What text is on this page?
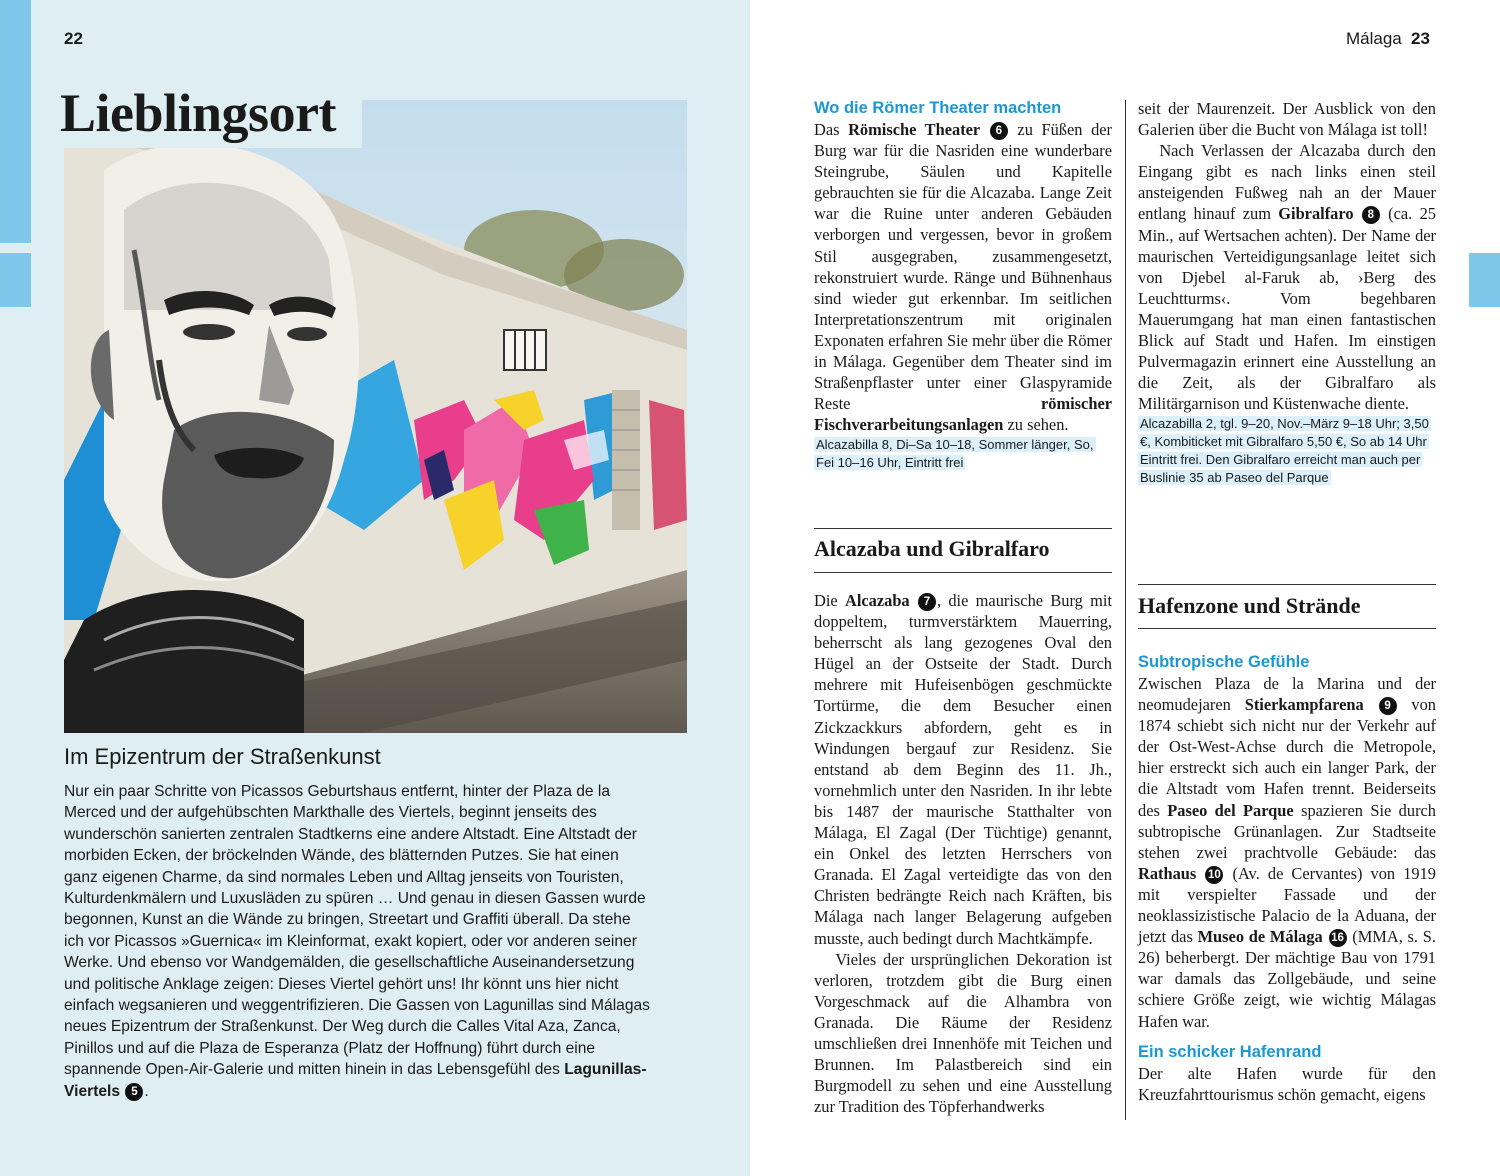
22
Lieblingsort
Im Epizentrum der Straßenkunst
Nur ein paar Schritte von Picassos Geburtshaus entfernt, hinter der Plaza de la Merced und der aufgehübschten Markthalle des Viertels, beginnt jenseits des wunderschön sanierten zentralen Stadtkerns eine andere Altstadt. Eine Altstadt der morbiden Ecken, der bröckelnden Wände, des blätternden Putzes. Sie hat einen ganz eigenen Charme, da sind normales Leben und Alltag jenseits von Touristen, Kulturdenkmälern und Luxusläden zu spüren … Und genau in diesen Gassen wurde begonnen, Kunst an die Wände zu bringen, Streetart und Graffiti überall. Da stehe ich vor Picassos »Guernica« im Kleinformat, exakt kopiert, oder vor anderen seiner Werke. Und ebenso vor Wandgemälden, die gesellschaftliche Auseinandersetzung und politische Anklage zeigen: Dieses Viertel gehört uns! Ihr könnt uns hier nicht einfach wegsanieren und weggentrifizieren. Die Gassen von Lagunillas sind Málagas neues Epizentrum der Straßenkunst. Der Weg durch die Calles Vital Aza, Zanca, Pinillos und auf die Plaza de Esperanza (Platz der Hoffnung) führt durch eine spannende Open-Air-Galerie und mitten hinein in das Lebensgefühl des Lagunillas-Viertels 5 .
Málaga 23

Wo die Römer Theater machten

Das Römische Theater 6 zu Füßen der Burg war für die Nasriden eine wunderbare Steingrube, Säulen und Kapitelle gebrauchten sie für die Alcazaba. Lange Zeit war die Ruine unter anderen Gebäuden verborgen und vergessen, bevor in großem Stil ausgegraben, zusammengesetzt, rekonstruiert wurde. Ränge und Bühnenhaus sind wieder gut erkennbar. Im seitlichen Interpretationszentrum mit originalen Exponaten erfahren Sie mehr über die Römer in Málaga. Gegenüber dem Theater sind im Straßenpflaster unter einer Glaspyramide Reste römischer Fischverarbeitungsanlagen zu sehen.

Alcazabilla 8, Di–Sa 10–18, Sommer länger, So, Fei 10–16 Uhr, Eintritt frei

Alcazaba und Gibralfaro

Die Alcazaba 7 , die maurische Burg mit doppeltem, turmverstärktem Mauerring, beherrscht als lang gezogenes Oval den Hügel an der Ostseite der Stadt. Durch mehrere mit Hufeisenbögen geschmückte Tortürme, die dem Besucher einen Zickzackkurs abfordern, geht es in Windungen bergauf zur Residenz. Sie entstand ab dem Beginn des 11. Jh., vornehmlich unter den Nasriden. In ihr lebte bis 1487 der maurische Statthalter von Málaga, El Zagal (Der Tüchtige) genannt, ein Onkel des letzten Herrschers von Granada. El Zagal verteidigte das von den Christen bedrängte Reich nach Kräften, bis Málaga nach langer Belagerung aufgeben musste, auch bedingt durch Machtkämpfe.

Vieles der ursprünglichen Dekoration ist verloren, trotzdem gibt die Burg einen Vorgeschmack auf die Alhambra von Granada. Die Räume der Residenz umschließen drei Innenhöfe mit Teichen und Brunnen. Im Palastbereich sind ein Burgmodell zu sehen und eine Ausstellung zur Tradition des Töpferhandwerks

seit der Maurenzeit. Der Ausblick von den Galerien über die Bucht von Málaga ist toll!

Nach Verlassen der Alcazaba durch den Eingang gibt es nach links einen steil ansteigenden Fußweg nah an der Mauer entlang hinauf zum Gibralfaro 8 (ca. 25 Min., auf Wertsachen achten). Der Name der maurischen Verteidigungsanlage leitet sich von Djebel al-Faruk ab, ›Berg des Leuchtturms‹. Vom begehbaren Mauerumgang hat man einen fantastischen Blick auf Stadt und Hafen. Im einstigen Pulvermagazin erinnert eine Ausstellung an die Zeit, als der Gibralfaro als Militärgarnison und Küstenwache diente.

Alcazabilla 2, tgl. 9–20, Nov.–März 9–18 Uhr; 3,50 €, Kombiticket mit Gibralfaro 5,50 €, So ab 14 Uhr Eintritt frei. Den Gibralfaro erreicht man auch per Buslinie 35 ab Paseo del Parque

Hafenzone und Strände

Subtropische Gefühle

Zwischen Plaza de la Marina und der neomudejaren Stierkampfarena 9 von 1874 schiebt sich nicht nur der Verkehr auf der Ost-West-Achse durch die Metropole, hier erstreckt sich auch ein langer Park, der die Altstadt vom Hafen trennt. Beiderseits des Paseo del Parque spazieren Sie durch subtropische Grünanlagen. Zur Stadtseite stehen zwei prachtvolle Gebäude: das Rathaus 10 (Av. de Cervantes) von 1919 mit verspielter Fassade und der neoklassizistische Palacio de la Aduana, der jetzt das Museo de Málaga 16 (MMA, s. S. 26) beherbergt. Der mächtige Bau von 1791 war damals das Zollgebäude, und seine schiere Größe zeigt, wie wichtig Málagas Hafen war.

Ein schicker Hafenrand

Der alte Hafen wurde für den Kreuzfahrttourismus schön gemacht, eigens
